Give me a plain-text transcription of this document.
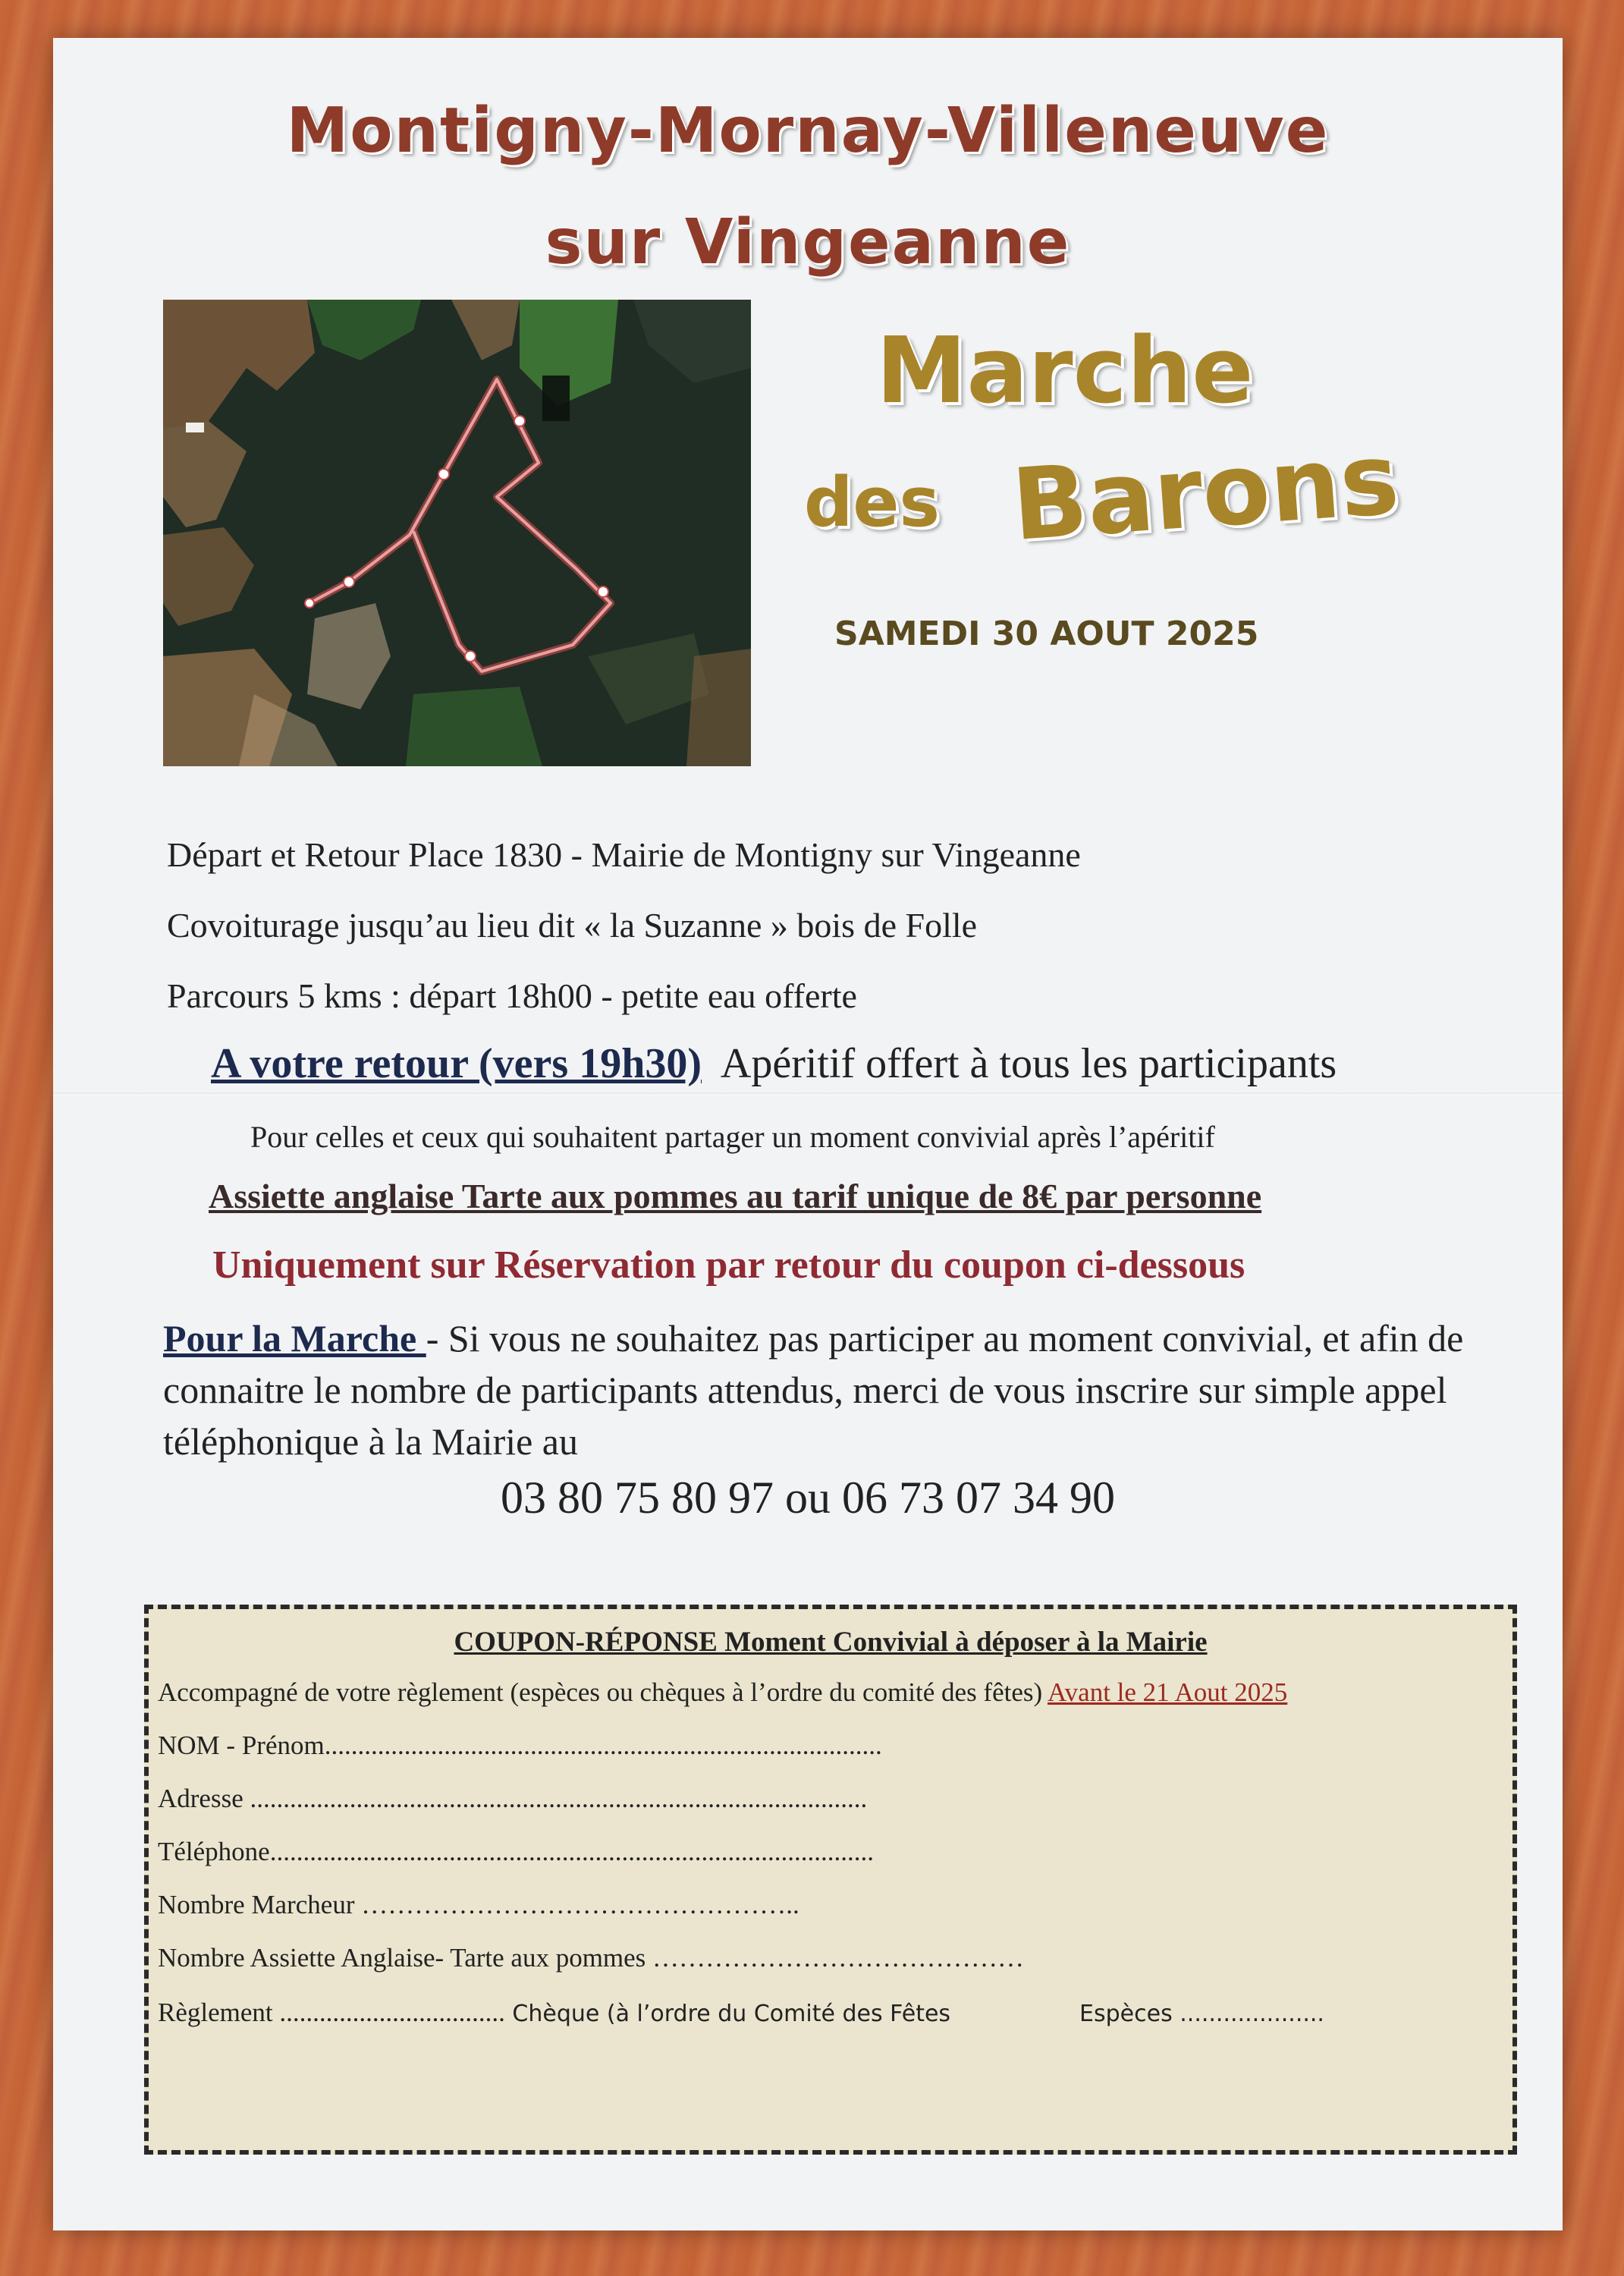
Montigny-Mornay-Villeneuve
sur Vingeanne
Marche
des Barons
SAMEDI 30 AOUT 2025
Départ et Retour Place 1830 - Mairie de Montigny sur Vingeanne
Covoiturage jusqu’au lieu dit « la Suzanne » bois de Folle
Parcours 5 kms : départ 18h00 - petite eau offerte
A votre retour (vers 19h30) Apéritif offert à tous les participants
Pour celles et ceux qui souhaitent partager un moment convivial après l’apéritif
Assiette anglaise Tarte aux pommes au tarif unique de 8€ par personne
Uniquement sur Réservation par retour du coupon ci-dessous
Pour la Marche - Si vous ne souhaitez pas participer au moment convivial, et afin de connaitre le nombre de participants attendus, merci de vous inscrire sur simple appel téléphonique à la Mairie au
03 80 75 80 97 ou 06 73 07 34 90
COUPON-RÉPONSE Moment Convivial à déposer à la Mairie
Accompagné de votre règlement (espèces ou chèques à l’ordre du comité des fêtes) Avant le 21 Aout 2025
NOM - Prénom....................................................................................
Adresse .............................................................................................
Téléphone...........................................................................................
Nombre Marcheur …………………………………………..
Nombre Assiette Anglaise- Tarte aux pommes ……………………………………
Règlement .................................. Chèque (à l’ordre du Comité des Fêtes	Espèces ....................
